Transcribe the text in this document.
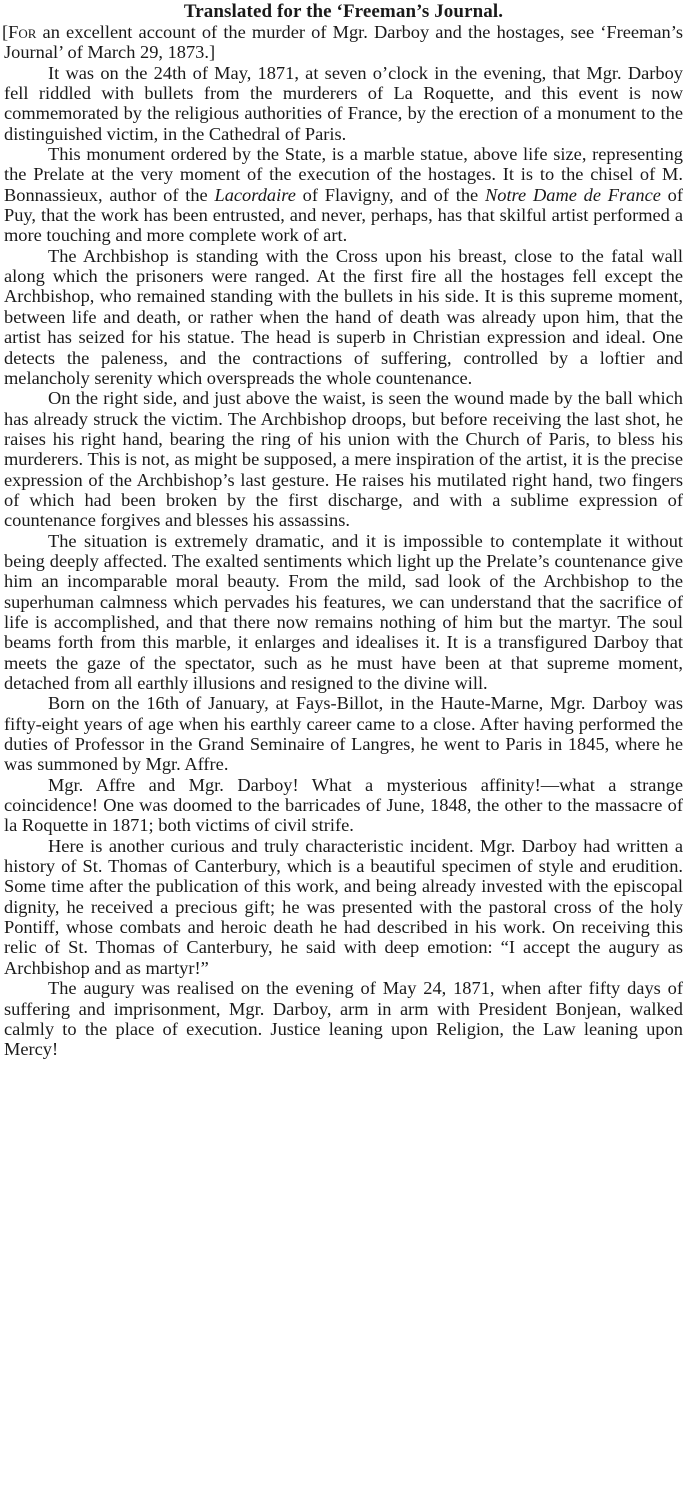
Translated for the ‘Freeman’s Journal.

[For an excellent account of the murder of Mgr. Darboy and the hostages, see ‘Freeman’s Journal’ of March 29, 1873.]

It was on the 24th of May, 1871, at seven o’clock in the evening, that Mgr. Darboy fell riddled with bullets from the murderers of La Roquette, and this event is now commemorated by the religious authorities of France, by the erection of a monument to the distinguished victim, in the Cathedral of Paris.

This monument ordered by the State, is a marble statue, above life size, representing the Prelate at the very moment of the execution of the hostages. It is to the chisel of M. Bonnassieux, author of the Lacordaire of Flavigny, and of the Notre Dame de France of Puy, that the work has been entrusted, and never, perhaps, has that skilful artist performed a more touching and more complete work of art.

The Archbishop is standing with the Cross upon his breast, close to the fatal wall along which the prisoners were ranged. At the first fire all the hostages fell except the Archbishop, who remained standing with the bullets in his side. It is this supreme moment, between life and death, or rather when the hand of death was already upon him, that the artist has seized for his statue. The head is superb in Christian expression and ideal. One detects the paleness, and the contractions of suffering, controlled by a loftier and melancholy serenity which overspreads the whole countenance.

On the right side, and just above the waist, is seen the wound made by the ball which has already struck the victim. The Archbishop droops, but before receiving the last shot, he raises his right hand, bearing the ring of his union with the Church of Paris, to bless his murderers. This is not, as might be supposed, a mere inspiration of the artist, it is the precise expression of the Archbishop’s last gesture. He raises his mutilated right hand, two fingers of which had been broken by the first discharge, and with a sublime expression of countenance forgives and blesses his assassins.

The situation is extremely dramatic, and it is impossible to contemplate it without being deeply affected. The exalted sentiments which light up the Prelate’s countenance give him an incomparable moral beauty. From the mild, sad look of the Archbishop to the superhuman calmness which pervades his features, we can understand that the sacrifice of life is accomplished, and that there now remains nothing of him but the martyr. The soul beams forth from this marble, it enlarges and idealises it. It is a transfigured Darboy that meets the gaze of the spectator, such as he must have been at that supreme moment, detached from all earthly illusions and resigned to the divine will.

Born on the 16th of January, at Fays-Billot, in the Haute-Marne, Mgr. Darboy was fifty-eight years of age when his earthly career came to a close. After having performed the duties of Professor in the Grand Seminaire of Langres, he went to Paris in 1845, where he was summoned by Mgr. Affre.

Mgr. Affre and Mgr. Darboy! What a mysterious affinity!—what a strange coincidence! One was doomed to the barricades of June, 1848, the other to the massacre of la Roquette in 1871; both victims of civil strife.

Here is another curious and truly characteristic incident. Mgr. Darboy had written a history of St. Thomas of Canterbury, which is a beautiful specimen of style and erudition. Some time after the publication of this work, and being already invested with the episcopal dignity, he received a precious gift; he was presented with the pastoral cross of the holy Pontiff, whose combats and heroic death he had described in his work. On receiving this relic of St. Thomas of Canterbury, he said with deep emotion: “I accept the augury as Archbishop and as martyr!”

The augury was realised on the evening of May 24, 1871, when after fifty days of suffering and imprisonment, Mgr. Darboy, arm in arm with President Bonjean, walked calmly to the place of execution. Justice leaning upon Religion, the Law leaning upon Mercy!
